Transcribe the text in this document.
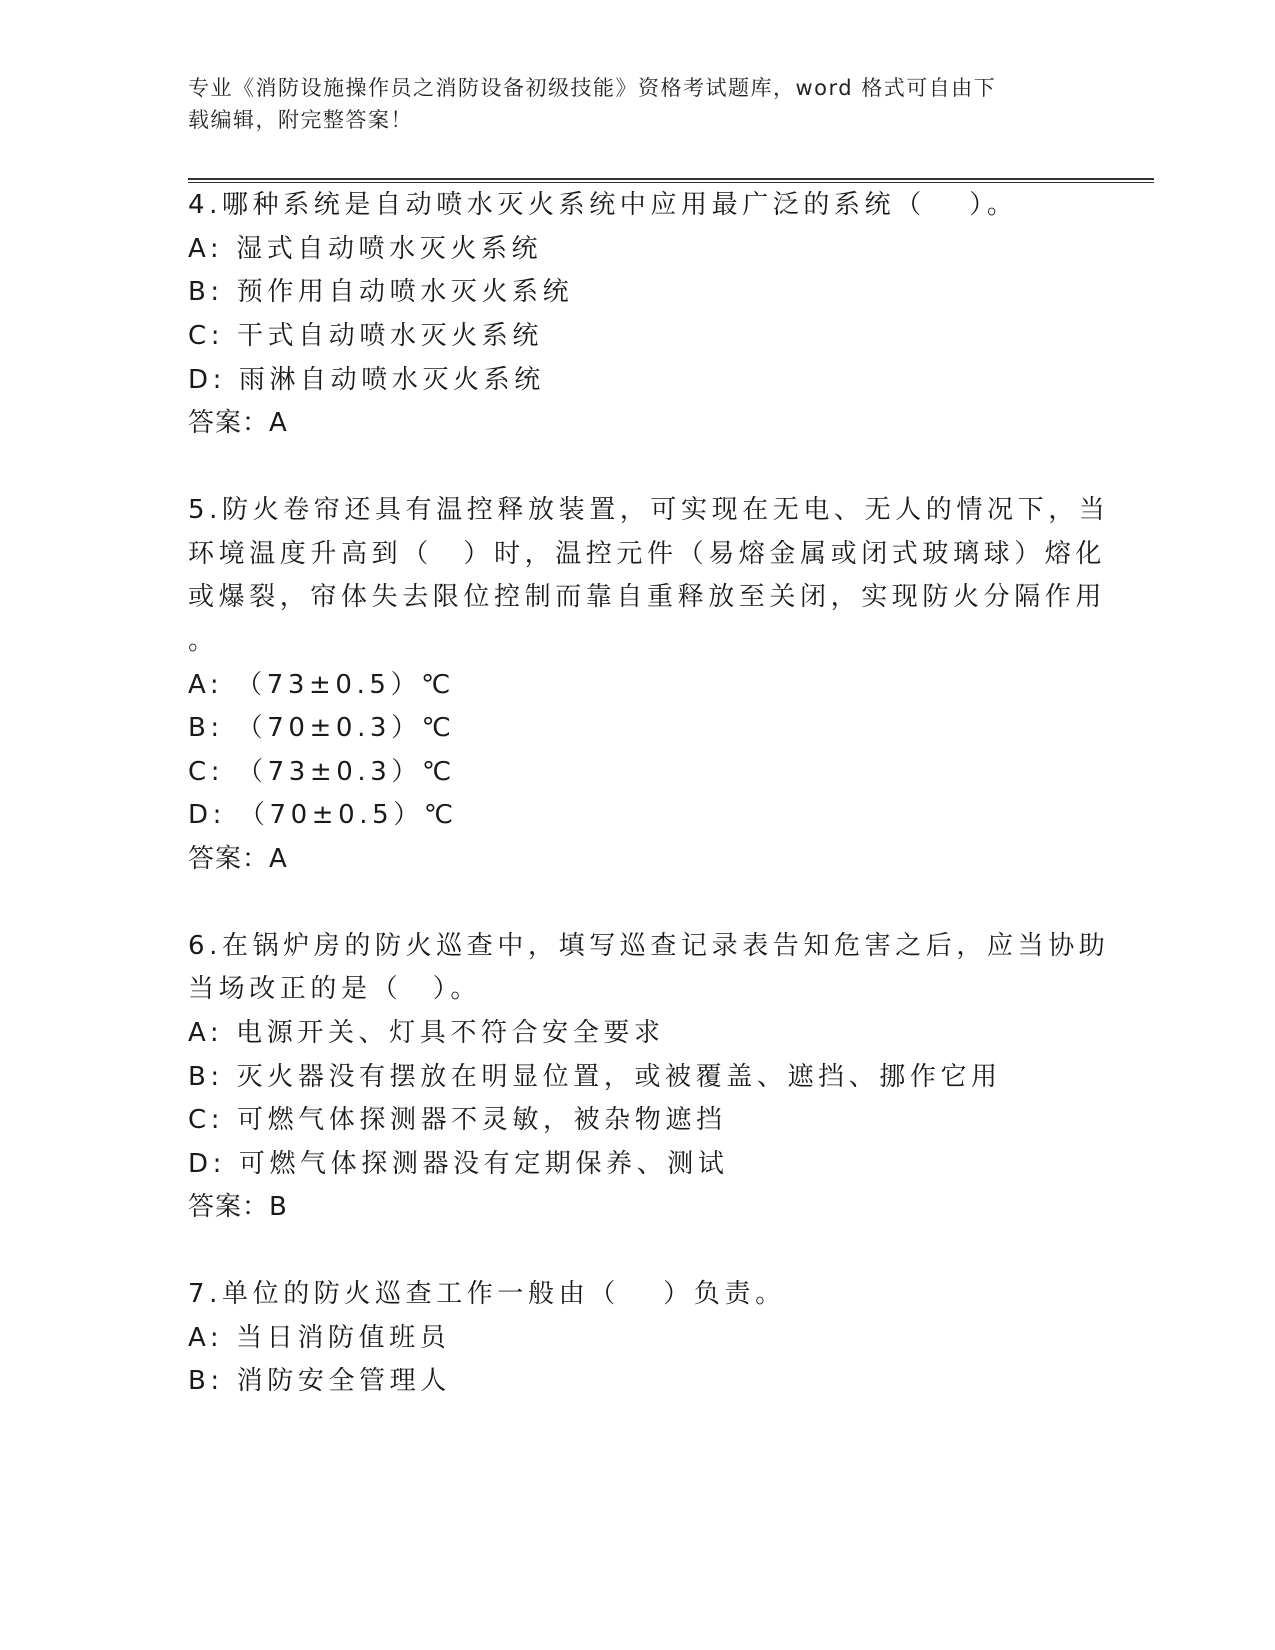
专业《消防设施操作员之消防设备初级技能》资格考试题库，word 格式可自由下
载编辑，附完整答案！
4.哪种系统是自动喷水灭火系统中应用最广泛的系统（　 ）。
A: 湿式自动喷水灭火系统
B: 预作用自动喷水灭火系统
C: 干式自动喷水灭火系统
D: 雨淋自动喷水灭火系统
答案：A
5.防火卷帘还具有温控释放装置，可实现在无电、无人的情况下，当
环境温度升高到（　）时，温控元件（易熔金属或闭式玻璃球）熔化
或爆裂，帘体失去限位控制而靠自重释放至关闭，实现防火分隔作用
。
A: （73±0.5）℃
B: （70±0.3）℃
C: （73±0.3）℃
D: （70±0.5）℃
答案：A
6.在锅炉房的防火巡查中，填写巡查记录表告知危害之后，应当协助
当场改正的是（　）。
A: 电源开关、灯具不符合安全要求
B: 灭火器没有摆放在明显位置，或被覆盖、遮挡、挪作它用
C: 可燃气体探测器不灵敏，被杂物遮挡
D: 可燃气体探测器没有定期保养、测试
答案：B
7.单位的防火巡查工作一般由（　 ）负责。
A: 当日消防值班员
B: 消防安全管理人
